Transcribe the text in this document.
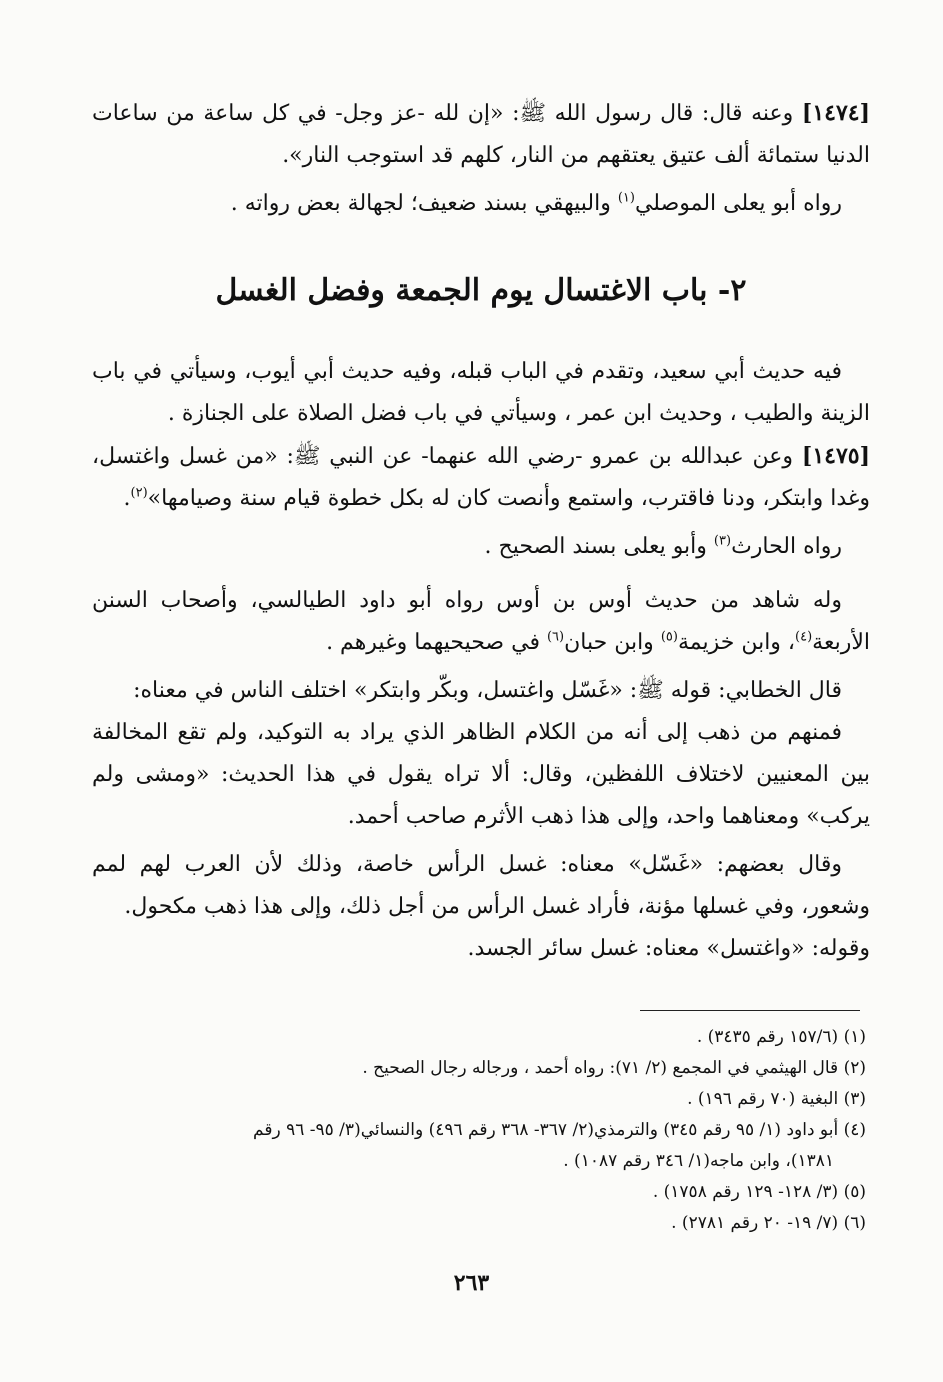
[١٤٧٤] وعنه قال: قال رسول الله ﷺ: «إن لله -عز وجل- في كل ساعة من ساعات الدنيا ستمائة ألف عتيق يعتقهم من النار، كلهم قد استوجب النار».

رواه أبو يعلى الموصلي$^{(١)}$ والبيهقي بسند ضعيف؛ لجهالة بعض رواته .

٢- باب الاغتسال يوم الجمعة وفضل الغسل

فيه حديث أبي سعيد، وتقدم في الباب قبله، وفيه حديث أبي أيوب، وسيأتي في باب الزينة والطيب ، وحديث ابن عمر ، وسيأتي في باب فضل الصلاة على الجنازة .

[١٤٧٥] وعن عبدالله بن عمرو -رضي الله عنهما- عن النبي ﷺ: «من غسل واغتسل، وغدا وابتكر، ودنا فاقترب، واستمع وأنصت كان له بكل خطوة قيام سنة وصيامها»$^{(٢)}$.

رواه الحارث$^{(٣)}$ وأبو يعلى بسند الصحيح .

وله شاهد من حديث أوس بن أوس رواه أبو داود الطيالسي، وأصحاب السنن الأربعة$^{(٤)}$، وابن خزيمة$^{(٥)}$ وابن حبان$^{(٦)}$ في صحيحيهما وغيرهم .

قال الخطابي: قوله ﷺ: «غَسّل واغتسل، وبكّر وابتكر» اختلف الناس في معناه:

فمنهم من ذهب إلى أنه من الكلام الظاهر الذي يراد به التوكيد، ولم تقع المخالفة بين المعنيين لاختلاف اللفظين، وقال: ألا تراه يقول في هذا الحديث: «ومشى ولم يركب» ومعناهما واحد، وإلى هذا ذهب الأثرم صاحب أحمد.

وقال بعضهم: «غَسّل» معناه: غسل الرأس خاصة، وذلك لأن العرب لهم لمم وشعور، وفي غسلها مؤنة، فأراد غسل الرأس من أجل ذلك، وإلى هذا ذهب مكحول.

وقوله: «واغتسل» معناه: غسل سائر الجسد.

(١) (١٥٧/٦ رقم ٣٤٣٥) .

(٢) قال الهيثمي في المجمع (٢/ ٧١): رواه أحمد ، ورجاله رجال الصحيح .

(٣) البغية (٧٠ رقم ١٩٦) .

(٤) أبو داود (١/ ٩٥ رقم ٣٤٥) والترمذي(٢/ ٣٦٧- ٣٦٨ رقم ٤٩٦) والنسائي(٣/ ٩٥- ٩٦ رقم

١٣٨١)، وابن ماجه(١/ ٣٤٦ رقم ١٠٨٧) .

(٥) (٣/ ١٢٨- ١٢٩ رقم ١٧٥٨) .

(٦) (٧/ ١٩- ٢٠ رقم ٢٧٨١) .

٢٦٣
